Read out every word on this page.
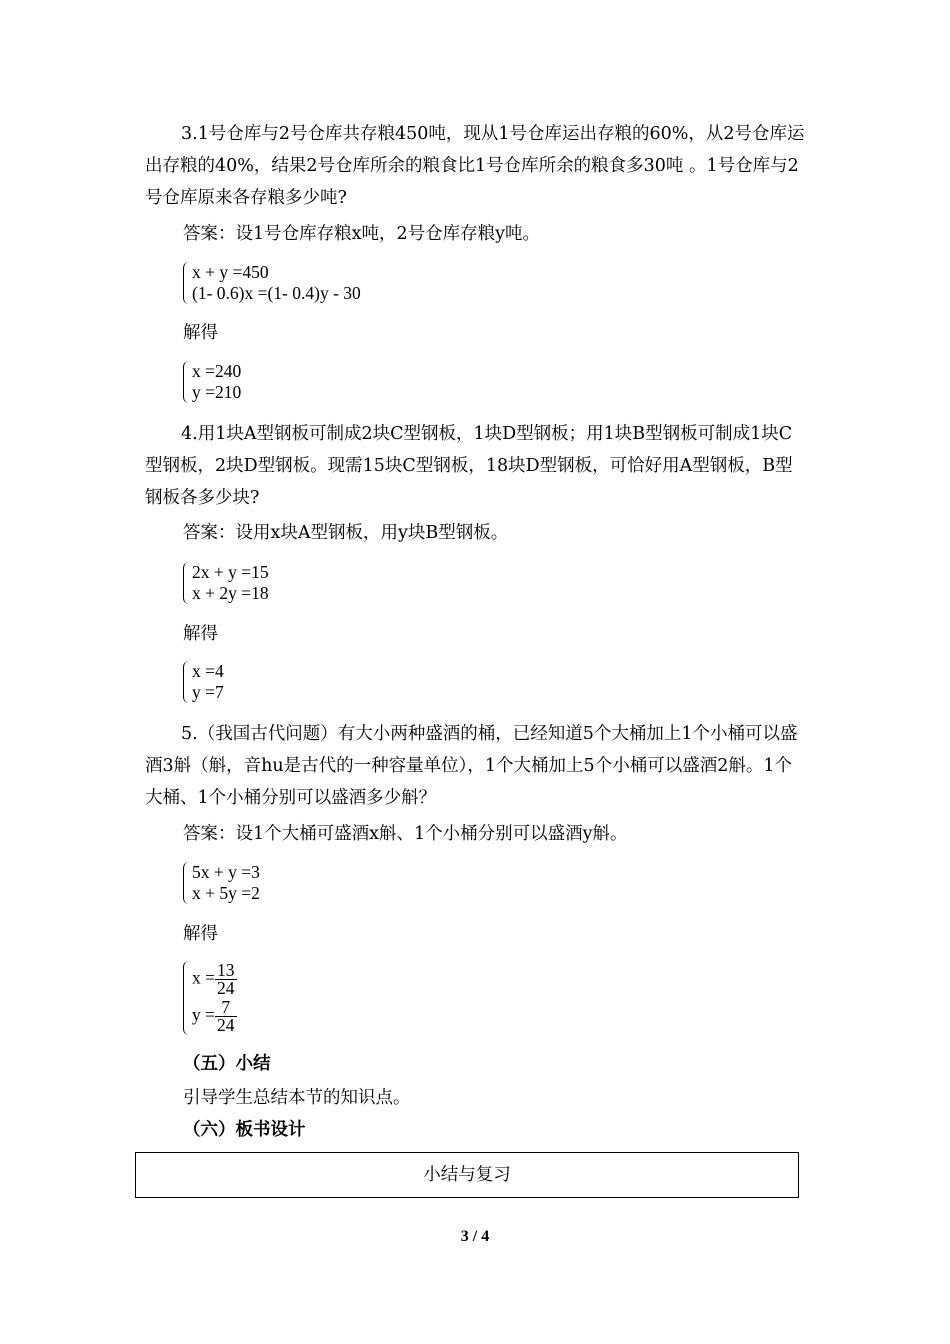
3.1号仓库与2号仓库共存粮450吨，现从1号仓库运出存粮的60%，从2号仓库运出存粮的40%，结果2号仓库所余的粮食比1号仓库所余的粮食多30吨 。1号仓库与2号仓库原来各存粮多少吨?

答案：设1号仓库存粮x吨，2号仓库存粮y吨。

x + y =450
(1- 0.6)x =(1- 0.4)y - 30

解得

x =240
y =210

4.用1块A型钢板可制成2块C型钢板，1块D型钢板；用1块B型钢板可制成1块C型钢板，2块D型钢板。现需15块C型钢板，18块D型钢板，可恰好用A型钢板，B型钢板各多少块?

答案：设用x块A型钢板，用y块B型钢板。

2x + y =15
x + 2y =18

解得

x =4
y =7

5.（我国古代问题）有大小两种盛酒的桶，已经知道5个大桶加上1个小桶可以盛酒3斛（斛，音hu是古代的一种容量单位），1个大桶加上5个小桶可以盛酒2斛。1个大桶、1个小桶分别可以盛酒多少斛？

答案：设1个大桶可盛酒x斛、1个小桶分别可以盛酒y斛。

5x + y =3
x + 5y =2

解得

$x = \frac{13}{24}$
$y = \frac{7}{24}$
（五）小结

引导学生总结本节的知识点。

（六）板书设计
小结与复习
3 / 4
